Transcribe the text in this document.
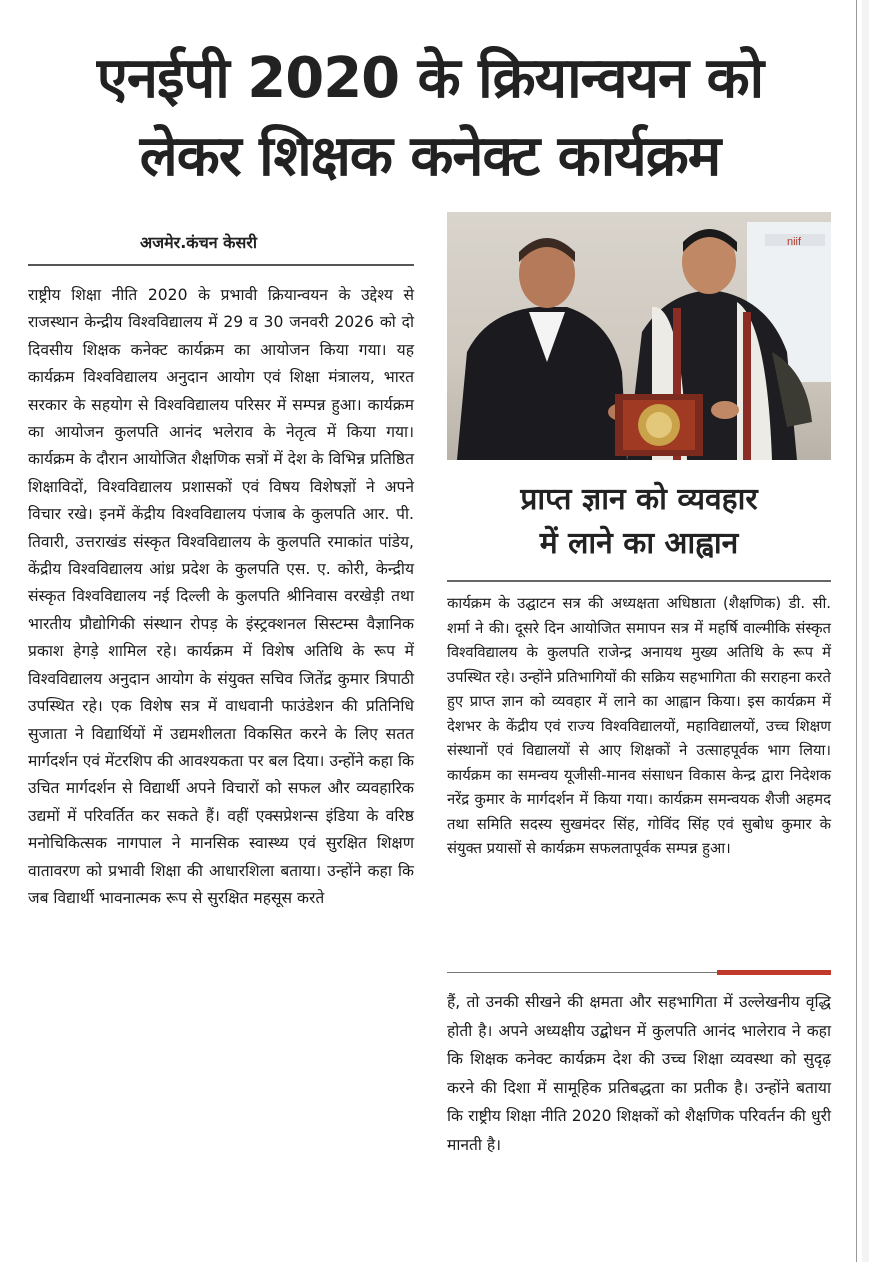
एनईपी 2020 के क्रियान्वयन को
लेकर शिक्षक कनेक्ट कार्यक्रम
अजमेर.कंचन केसरी

राष्ट्रीय शिक्षा नीति 2020 के प्रभावी क्रियान्वयन के उद्देश्य से राजस्थान केन्द्रीय विश्वविद्यालय में 29 व 30 जनवरी 2026 को दो दिवसीय शिक्षक कनेक्ट कार्यक्रम का आयोजन किया गया। यह कार्यक्रम विश्वविद्यालय अनुदान आयोग एवं शिक्षा मंत्रालय, भारत सरकार के सहयोग से विश्वविद्यालय परिसर में सम्पन्न हुआ। कार्यक्रम का आयोजन कुलपति आनंद भलेराव के नेतृत्व में किया गया। कार्यक्रम के दौरान आयोजित शैक्षणिक सत्रों में देश के विभिन्न प्रतिष्ठित शिक्षाविदों, विश्वविद्यालय प्रशासकों एवं विषय विशेषज्ञों ने अपने विचार रखे। इनमें केंद्रीय विश्वविद्यालय पंजाब के कुलपति आर. पी. तिवारी, उत्तराखंड संस्कृत विश्वविद्यालय के कुलपति रमाकांत पांडेय, केंद्रीय विश्वविद्यालय आंध्र प्रदेश के कुलपति एस. ए. कोरी, केन्द्रीय संस्कृत विश्वविद्यालय नई दिल्ली के कुलपति श्रीनिवास वरखेड़ी तथा भारतीय प्रौद्योगिकी संस्थान रोपड़ के इंस्ट्रक्शनल सिस्टम्स वैज्ञानिक प्रकाश हेगड़े शामिल रहे। कार्यक्रम में विशेष अतिथि के रूप में विश्वविद्यालय अनुदान आयोग के संयुक्त सचिव जितेंद्र कुमार त्रिपाठी उपस्थित रहे। एक विशेष सत्र में वाधवानी फाउंडेशन की प्रतिनिधि सुजाता ने विद्यार्थियों में उद्यमशीलता विकसित करने के लिए सतत मार्गदर्शन एवं मेंटरशिप की आवश्यकता पर बल दिया। उन्होंने कहा कि उचित मार्गदर्शन से विद्यार्थी अपने विचारों को सफल और व्यवहारिक उद्यमों में परिवर्तित कर सकते हैं। वहीं एक्सप्रेशन्स इंडिया के वरिष्ठ मनोचिकित्सक नागपाल ने मानसिक स्वास्थ्य एवं सुरक्षित शिक्षण वातावरण को प्रभावी शिक्षा की आधारशिला बताया। उन्होंने कहा कि जब विद्यार्थी भावनात्मक रूप से सुरक्षित महसूस करते

niif
प्राप्त ज्ञान को व्यवहार
में लाने का आह्वान

कार्यक्रम के उद्घाटन सत्र की अध्यक्षता अधिष्ठाता (शैक्षणिक) डी. सी. शर्मा ने की। दूसरे दिन आयोजित समापन सत्र में महर्षि वाल्मीकि संस्कृत विश्वविद्यालय के कुलपति राजेन्द्र अनायथ मुख्य अतिथि के रूप में उपस्थित रहे। उन्होंने प्रतिभागियों की सक्रिय सहभागिता की सराहना करते हुए प्राप्त ज्ञान को व्यवहार में लाने का आह्वान किया। इस कार्यक्रम में देशभर के केंद्रीय एवं राज्य विश्वविद्यालयों, महाविद्यालयों, उच्च शिक्षण संस्थानों एवं विद्यालयों से आए शिक्षकों ने उत्साहपूर्वक भाग लिया। कार्यक्रम का समन्वय यूजीसी-मानव संसाधन विकास केन्द्र द्वारा निदेशक नरेंद्र कुमार के मार्गदर्शन में किया गया। कार्यक्रम समन्वयक शैजी अहमद तथा समिति सदस्य सुखमंदर सिंह, गोविंद सिंह एवं सुबोध कुमार के संयुक्त प्रयासों से कार्यक्रम सफलतापूर्वक सम्पन्न हुआ।

हैं, तो उनकी सीखने की क्षमता और सहभागिता में उल्लेखनीय वृद्धि होती है। अपने अध्यक्षीय उद्बोधन में कुलपति आनंद भालेराव ने कहा कि शिक्षक कनेक्ट कार्यक्रम देश की उच्च शिक्षा व्यवस्था को सुदृढ़ करने की दिशा में सामूहिक प्रतिबद्धता का प्रतीक है। उन्होंने बताया कि राष्ट्रीय शिक्षा नीति 2020 शिक्षकों को शैक्षणिक परिवर्तन की धुरी मानती है।
